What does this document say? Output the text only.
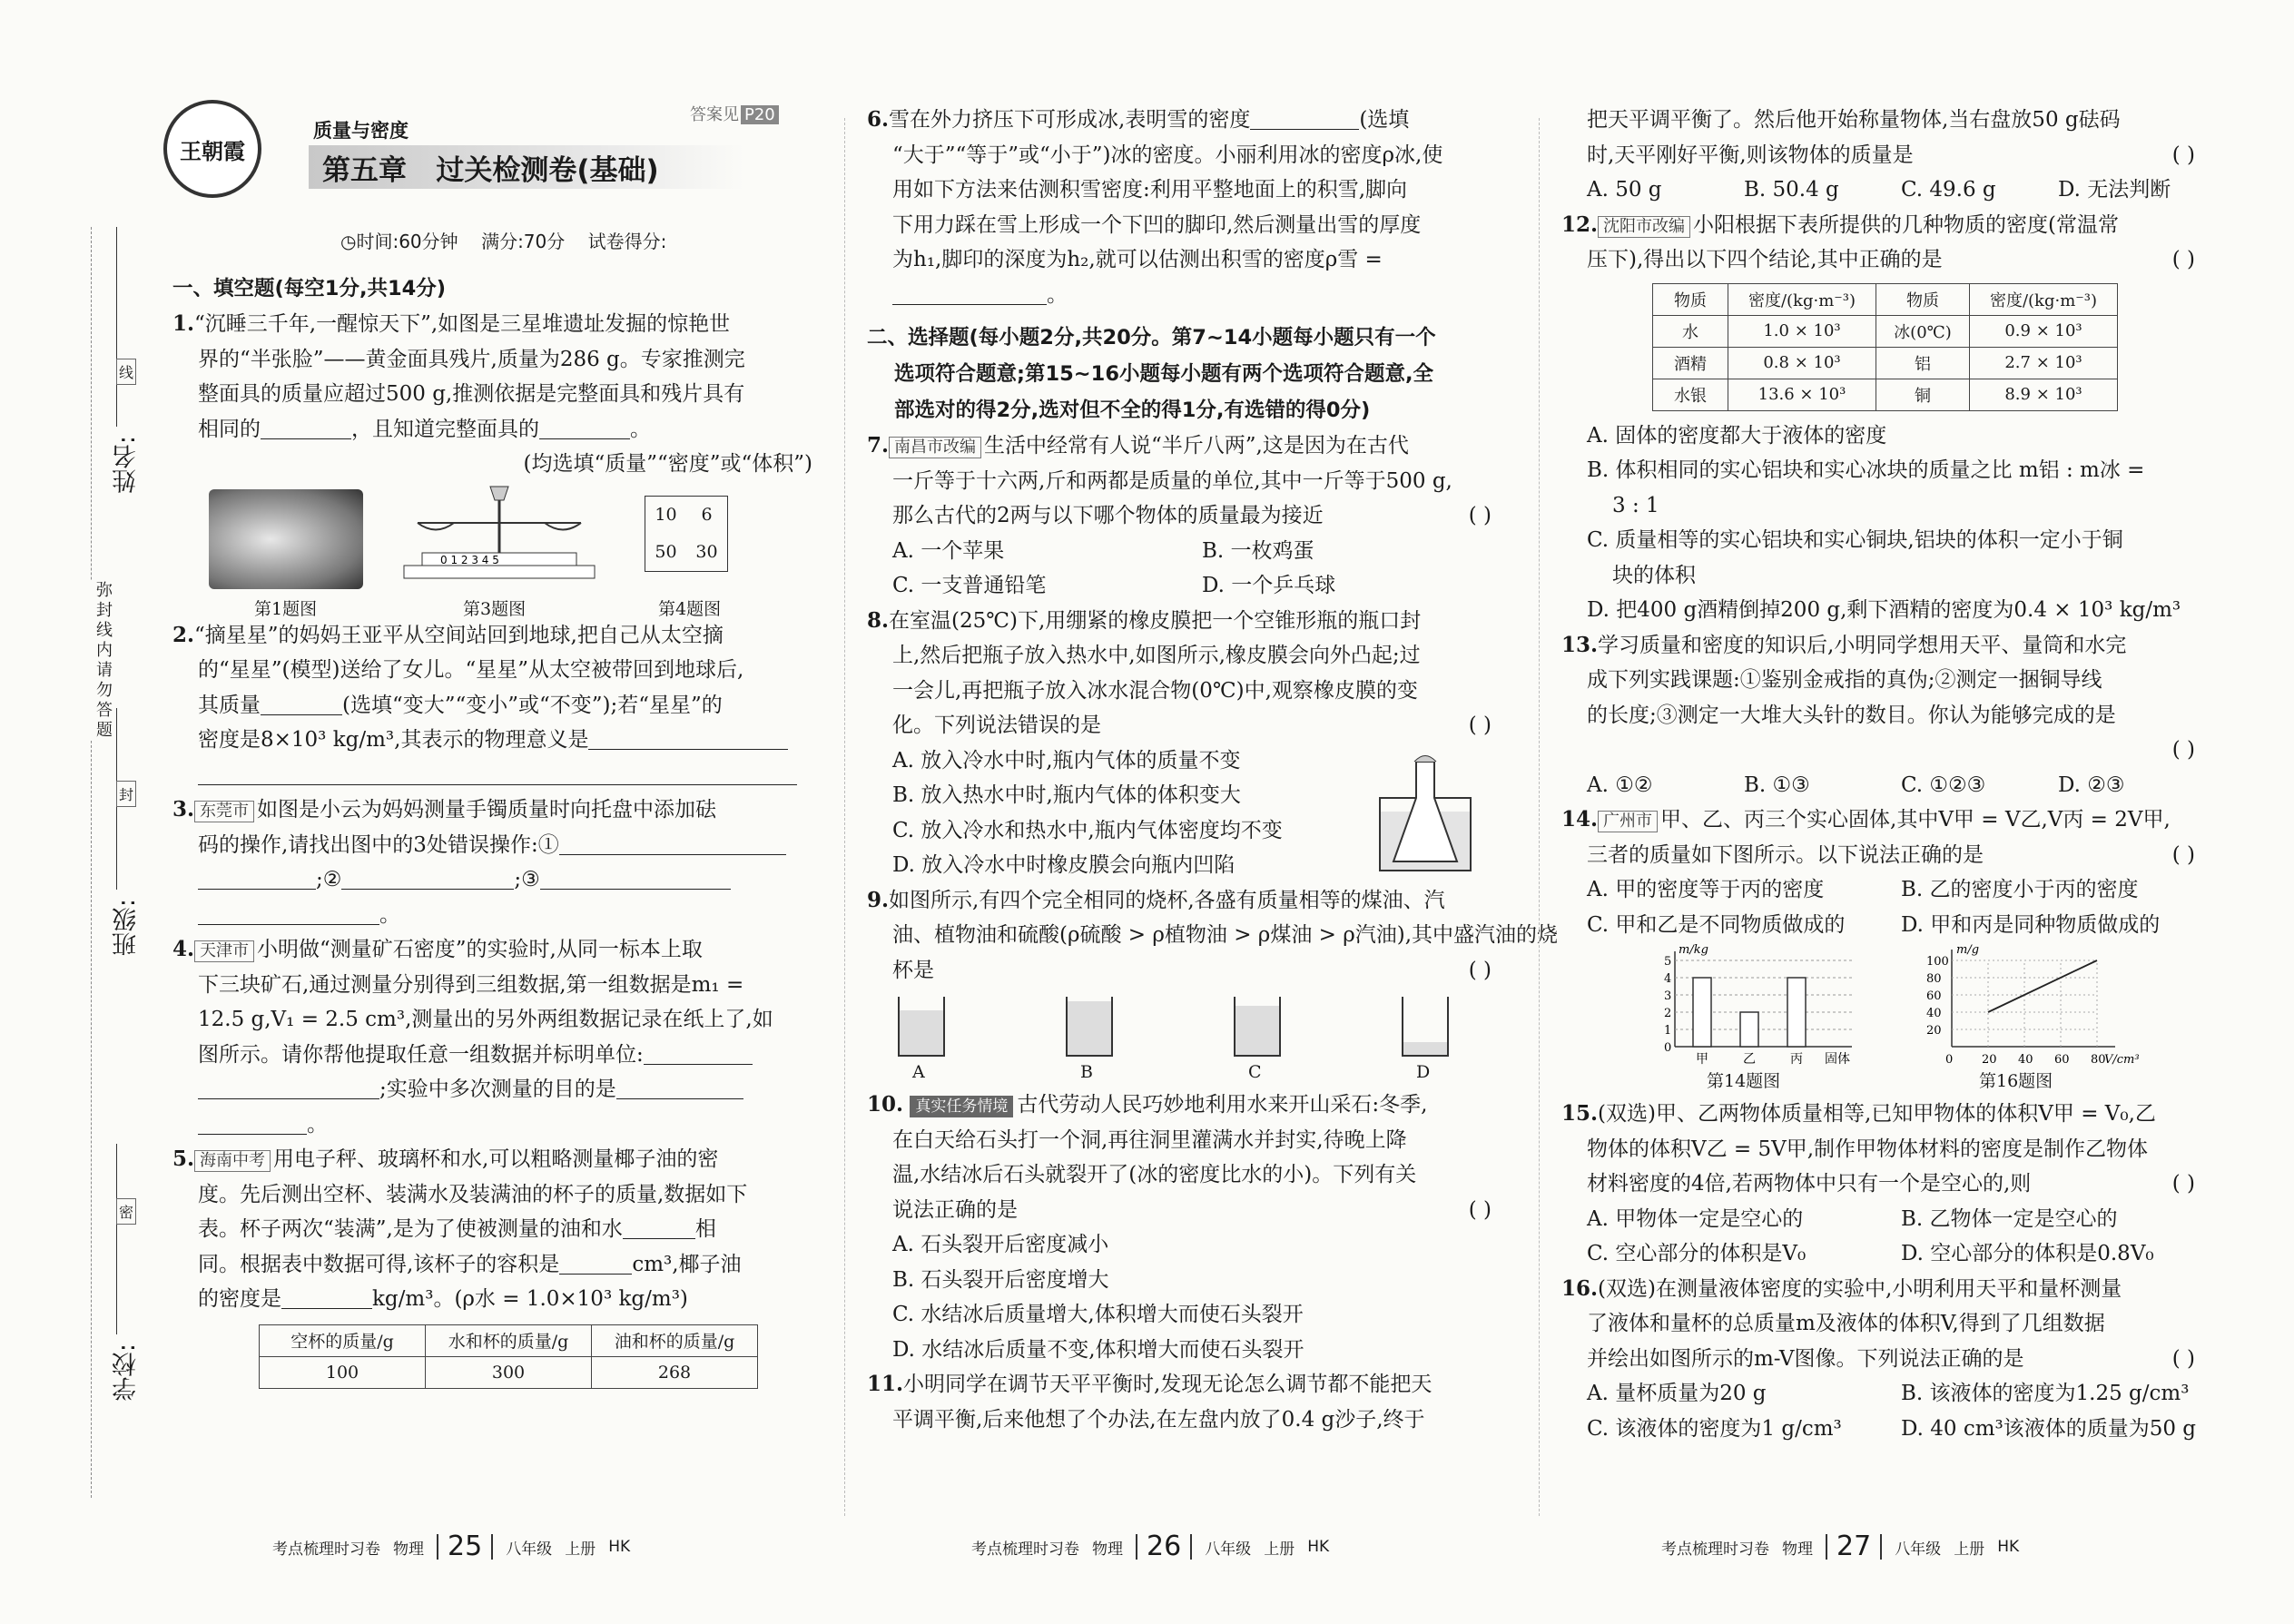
姓名:
班级:
学校:
线
封
密
弥封线内请勿答题
王朝霞
质量与密度
第五章 过关检测卷(基础)
答案见 P20
◷时间:60分钟    满分:70分    试卷得分:
一、填空题(每空1分,共14分)

1.“沉睡三千年,一醒惊天下”,如图是三星堆遗址发掘的惊艳世

界的“半张脸”——黄金面具残片,质量为286 g。专家推测完

整面具的质量应超过500 g,推测依据是完整面具和残片具有

相同的	，且知道完整面具的	。

(均选填“质量”“密度”或“体积”)

0 1 2 3 4 5
10 6
50 30
第1题图	第3题图	第4题图

2.“摘星星”的妈妈王亚平从空间站回到地球,把自己从太空摘

的“星星”(模型)送给了女儿。“星星”从太空被带回到地球后,

其质量	(选填“变大”“变小”或“不变”);若“星星”的

密度是8×10³ kg/m³,其表示的物理意义是

3. 东莞市 如图是小云为妈妈测量手镯质量时向托盘中添加砝

码的操作,请找出图中的3处错误操作:①

;②	;③

。

4. 天津市 小明做“测量矿石密度”的实验时,从同一标本上取

下三块矿石,通过测量分别得到三组数据,第一组数据是m₁ =

12.5 g,V₁ = 2.5 cm³,测量出的另外两组数据记录在纸上了,如

图所示。请你帮他提取任意一组数据并标明单位:

;实验中多次测量的目的是

。

5. 海南中考 用电子秤、玻璃杯和水,可以粗略测量椰子油的密

度。先后测出空杯、装满水及装满油的杯子的质量,数据如下

表。杯子两次“装满”,是为了使被测量的油和水	相

同。根据表中数据可得,该杯子的容积是	cm³,椰子油

的密度是	kg/m³。(ρ水 = 1.0×10³ kg/m³)

空杯的质量/g	水和杯的质量/g	油和杯的质量/g
100	300	268

6.雪在外力挤压下可形成冰,表明雪的密度	(选填

“大于”“等于”或“小于”)冰的密度。小丽利用冰的密度ρ冰,使

用如下方法来估测积雪密度:利用平整地面上的积雪,脚向

下用力踩在雪上形成一个下凹的脚印,然后测量出雪的厚度

为h₁,脚印的深度为h₂,就可以估测出积雪的密度ρ雪 =

。

二、选择题(每小题2分,共20分。第7~14小题每小题只有一个
选项符合题意;第15~16小题每小题有两个选项符合题意,全
部选对的得2分,选对但不全的得1分,有选错的得0分)

7. 南昌市改编 生活中经常有人说“半斤八两”,这是因为在古代

一斤等于十六两,斤和两都是质量的单位,其中一斤等于500 g,

那么古代的2两与以下哪个物体的质量最为接近	( )

A. 一个苹果	B. 一枚鸡蛋

C. 一支普通铅笔	D. 一个乒乓球

8.在室温(25℃)下,用绷紧的橡皮膜把一个空锥形瓶的瓶口封

上,然后把瓶子放入热水中,如图所示,橡皮膜会向外凸起;过

一会儿,再把瓶子放入冰水混合物(0℃)中,观察橡皮膜的变

化。下列说法错误的是	( )

A. 放入冷水中时,瓶内气体的质量不变

B. 放入热水中时,瓶内气体的体积变大

C. 放入冷水和热水中,瓶内气体密度均不变

D. 放入冷水中时橡皮膜会向瓶内凹陷

9.如图所示,有四个完全相同的烧杯,各盛有质量相等的煤油、汽

油、植物油和硫酸(ρ硫酸 > ρ植物油 > ρ煤油 > ρ汽油),其中盛汽油的烧

杯是	( )

A	B	C	D

10. 真实任务情境 古代劳动人民巧妙地利用水来开山采石:冬季,

在白天给石头打一个洞,再往洞里灌满水并封实,待晚上降

温,水结冰后石头就裂开了(冰的密度比水的小)。下列有关

说法正确的是	( )

A. 石头裂开后密度减小

B. 石头裂开后密度增大

C. 水结冰后质量增大,体积增大而使石头裂开

D. 水结冰后质量不变,体积增大而使石头裂开

11.小明同学在调节天平平衡时,发现无论怎么调节都不能把天

平调平衡,后来他想了个办法,在左盘内放了0.4 g沙子,终于

把天平调平衡了。然后他开始称量物体,当右盘放50 g砝码

时,天平刚好平衡,则该物体的质量是	( )

A. 50 g	B. 50.4 g	C. 49.6 g	D. 无法判断

12. 沈阳市改编 小阳根据下表所提供的几种物质的密度(常温常

压下),得出以下四个结论,其中正确的是	( )

物质	密度/(kg·m⁻³)	物质	密度/(kg·m⁻³)
水	1.0 × 10³	冰(0℃)	0.9 × 10³
酒精	0.8 × 10³	铝	2.7 × 10³
水银	13.6 × 10³	铜	8.9 × 10³

A. 固体的密度都大于液体的密度

B. 体积相同的实心铝块和实心冰块的质量之比 m铝 : m冰 =

3 : 1

C. 质量相等的实心铝块和实心铜块,铝块的体积一定小于铜

块的体积

D. 把400 g酒精倒掉200 g,剩下酒精的密度为0.4 × 10³ kg/m³

13.学习质量和密度的知识后,小明同学想用天平、量筒和水完

成下列实践课题:①鉴别金戒指的真伪;②测定一捆铜导线

的长度;③测定一大堆大头针的数目。你认为能够完成的是

( )

A. ①②	B. ①③	C. ①②③	D. ②③

14. 广州市 甲、乙、丙三个实心固体,其中V甲 = V乙,V丙 = 2V甲,

三者的质量如下图所示。以下说法正确的是	( )

A. 甲的密度等于丙的密度	B. 乙的密度小于丙的密度

C. 甲和乙是不同物质做成的	D. 甲和丙是同种物质做成的

0
1
2
3
4
5
m/kg
固体
甲	乙	丙
20
40
60
80
100
0 20 40 60 80
m/g
V/cm³
第14题图	第16题图

15.(双选)甲、乙两物体质量相等,已知甲物体的体积V甲 = V₀,乙

物体的体积V乙 = 5V甲,制作甲物体材料的密度是制作乙物体

材料密度的4倍,若两物体中只有一个是空心的,则	( )

A. 甲物体一定是空心的	B. 乙物体一定是空心的

C. 空心部分的体积是V₀	D. 空心部分的体积是0.8V₀

16.(双选)在测量液体密度的实验中,小明利用天平和量杯测量

了液体和量杯的总质量m及液体的体积V,得到了几组数据

并绘出如图所示的m-V图像。下列说法正确的是	( )

A. 量杯质量为20 g	B. 该液体的密度为1.25 g/cm³

C. 该液体的密度为1 g/cm³	D. 40 cm³该液体的质量为50 g

考点梳理时习卷 物理 25	八年级 上册 HK	考点梳理时习卷 物理 26	八年级 上册 HK	考点梳理时习卷 物理 27	八年级 上册 HK
